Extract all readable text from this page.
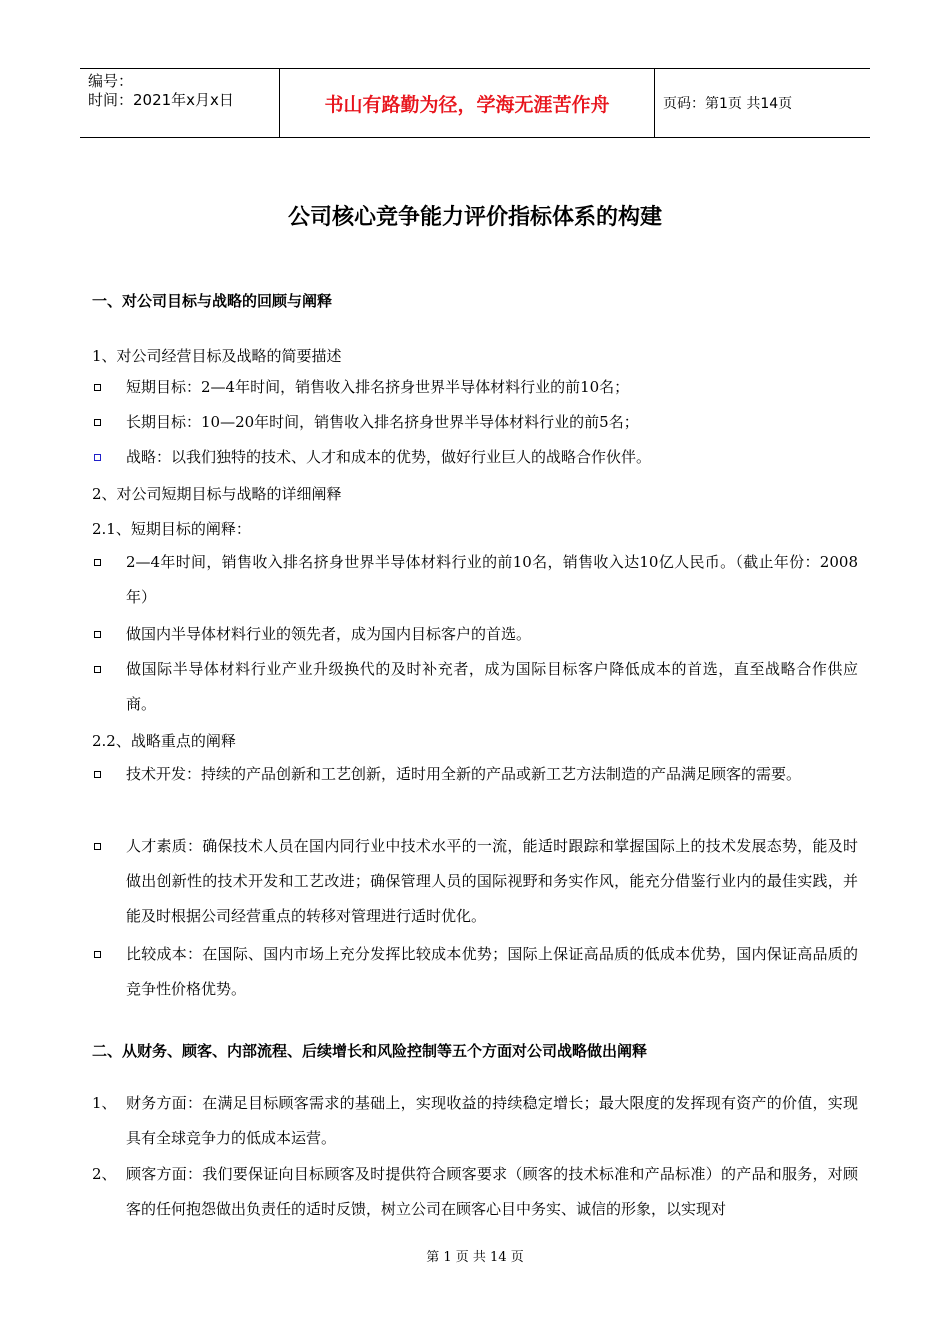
编号：
时间：2021年x月x日	书山有路勤为径，学海无涯苦作舟	页码：第1页 共14页
公司核心竞争能力评价指标体系的构建
一、对公司目标与战略的回顾与阐释
1、对公司经营目标及战略的简要描述
短期目标：2—4年时间，销售收入排名挤身世界半导体材料行业的前10名；
长期目标：10—20年时间，销售收入排名挤身世界半导体材料行业的前5名；
战略：以我们独特的技术、人才和成本的优势，做好行业巨人的战略合作伙伴。
2、对公司短期目标与战略的详细阐释
2.1、短期目标的阐释：
2—4年时间，销售收入排名挤身世界半导体材料行业的前10名，销售收入达10亿人民币。（截止年份：2008年）
做国内半导体材料行业的领先者，成为国内目标客户的首选。
做国际半导体材料行业产业升级换代的及时补充者，成为国际目标客户降低成本的首选，直至战略合作供应商。
2.2、战略重点的阐释
技术开发：持续的产品创新和工艺创新，适时用全新的产品或新工艺方法制造的产品满足顾客的需要。
人才素质：确保技术人员在国内同行业中技术水平的一流，能适时跟踪和掌握国际上的技术发展态势，能及时做出创新性的技术开发和工艺改进；确保管理人员的国际视野和务实作风，能充分借鉴行业内的最佳实践，并能及时根据公司经营重点的转移对管理进行适时优化。
比较成本：在国际、国内市场上充分发挥比较成本优势；国际上保证高品质的低成本优势，国内保证高品质的竞争性价格优势。
二、从财务、顾客、内部流程、后续增长和风险控制等五个方面对公司战略做出阐释
1、 财务方面：在满足目标顾客需求的基础上，实现收益的持续稳定增长；最大限度的发挥现有资产的价值，实现具有全球竞争力的低成本运营。
2、 顾客方面：我们要保证向目标顾客及时提供符合顾客要求（顾客的技术标准和产品标准）的产品和服务，对顾客的任何抱怨做出负责任的适时反馈，树立公司在顾客心目中务实、诚信的形象，以实现对
第 1 页 共 14 页
